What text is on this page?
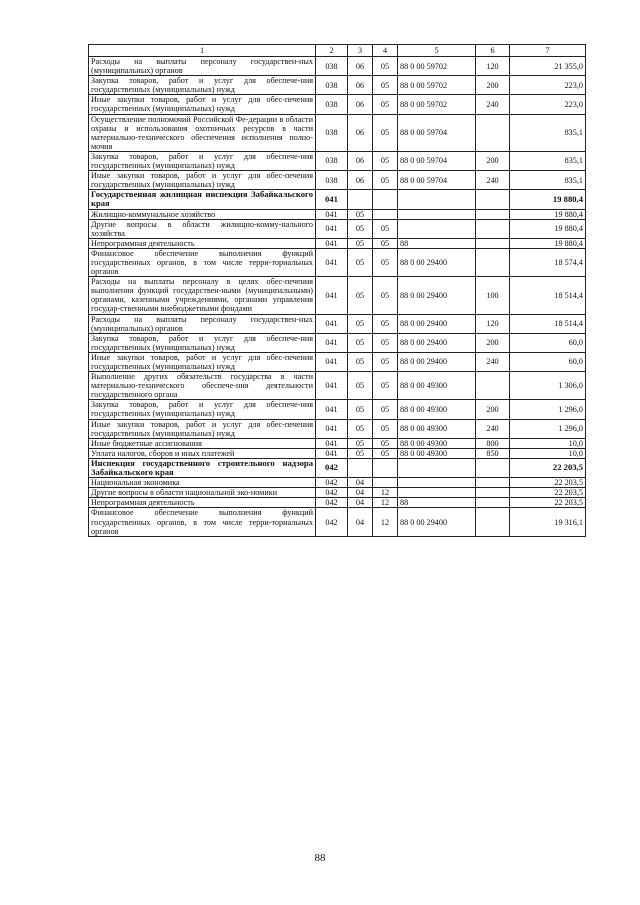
1	2	3	4	5	6	7
Расходы на выплаты персоналу государствен-ных (муниципальных) органов	038	06	05	88 0 00 59702	120	21 355,0
Закупка товаров, работ и услуг для обеспече-ния государственных (муниципальных) нужд	038	06	05	88 0 00 59702	200	223,0
Иные закупки товаров, работ и услуг для обес-печения государственных (муниципальных) нужд	038	06	05	88 0 00 59702	240	223,0
Осуществление полномочий Российской Фе-дерации в области охраны и использования охотничьих ресурсов в части материально-технического обеспечения исполнения полно-мочия	038	06	05	88 0 00 59704		835,1
Закупка товаров, работ и услуг для обеспече-ния государственных (муниципальных) нужд	038	06	05	88 0 00 59704	200	835,1
Иные закупки товаров, работ и услуг для обес-печения государственных (муниципальных) нужд	038	06	05	88 0 00 59704	240	835,1
Государственная жилищная инспекция Забайкальского края	041					19 880,4
Жилищно-коммунальное хозяйство	041	05				19 880,4
Другие вопросы в области жилищно-комму-нального хозяйства	041	05	05			19 880,4
Непрограммная деятельность	041	05	05	88		19 880,4
Финансовое обеспечение выполнения функций государственных органов, в том числе терри-ториальных органов	041	05	05	88 0 00 29400		18 574,4
Расходы на выплаты персоналу в целях обес-печения выполнения функций государствен-ными (муниципальными) органами, казенными учреждениями, органами управления государ-ственными внебюджетными фондами	041	05	05	88 0 00 29400	100	18 514,4
Расходы на выплаты персоналу государствен-ных (муниципальных) органов	041	05	05	88 0 00 29400	120	18 514,4
Закупка товаров, работ и услуг для обеспече-ния государственных (муниципальных) нужд	041	05	05	88 0 00 29400	200	60,0
Иные закупки товаров, работ и услуг для обес-печения государственных (муниципальных) нужд	041	05	05	88 0 00 29400	240	60,0
Выполнение других обязательств государства в части материально-технического обеспече-ния деятельности государственного органа	041	05	05	88 0 00 49300		1 306,0
Закупка товаров, работ и услуг для обеспече-ния государственных (муниципальных) нужд	041	05	05	88 0 00 49300	200	1 296,0
Иные закупки товаров, работ и услуг для обес-печения государственных (муниципальных) нужд	041	05	05	88 0 00 49300	240	1 296,0
Иные бюджетные ассигнования	041	05	05	88 0 00 49300	800	10,0
Уплата налогов, сборов и иных платежей	041	05	05	88 0 00 49300	850	10,0
Инспекция государственного строительного надзора Забайкальского края	042					22 203,5
Национальная экономика	042	04				22 203,5
Другие вопросы в области национальной эко-номики	042	04	12			22 203,5
Непрограммная деятельность	042	04	12	88		22 203,5
Финансовое обеспечение выполнения функций государственных органов, в том числе терри-ториальных органов	042	04	12	88 0 00 29400		19 316,1
88
